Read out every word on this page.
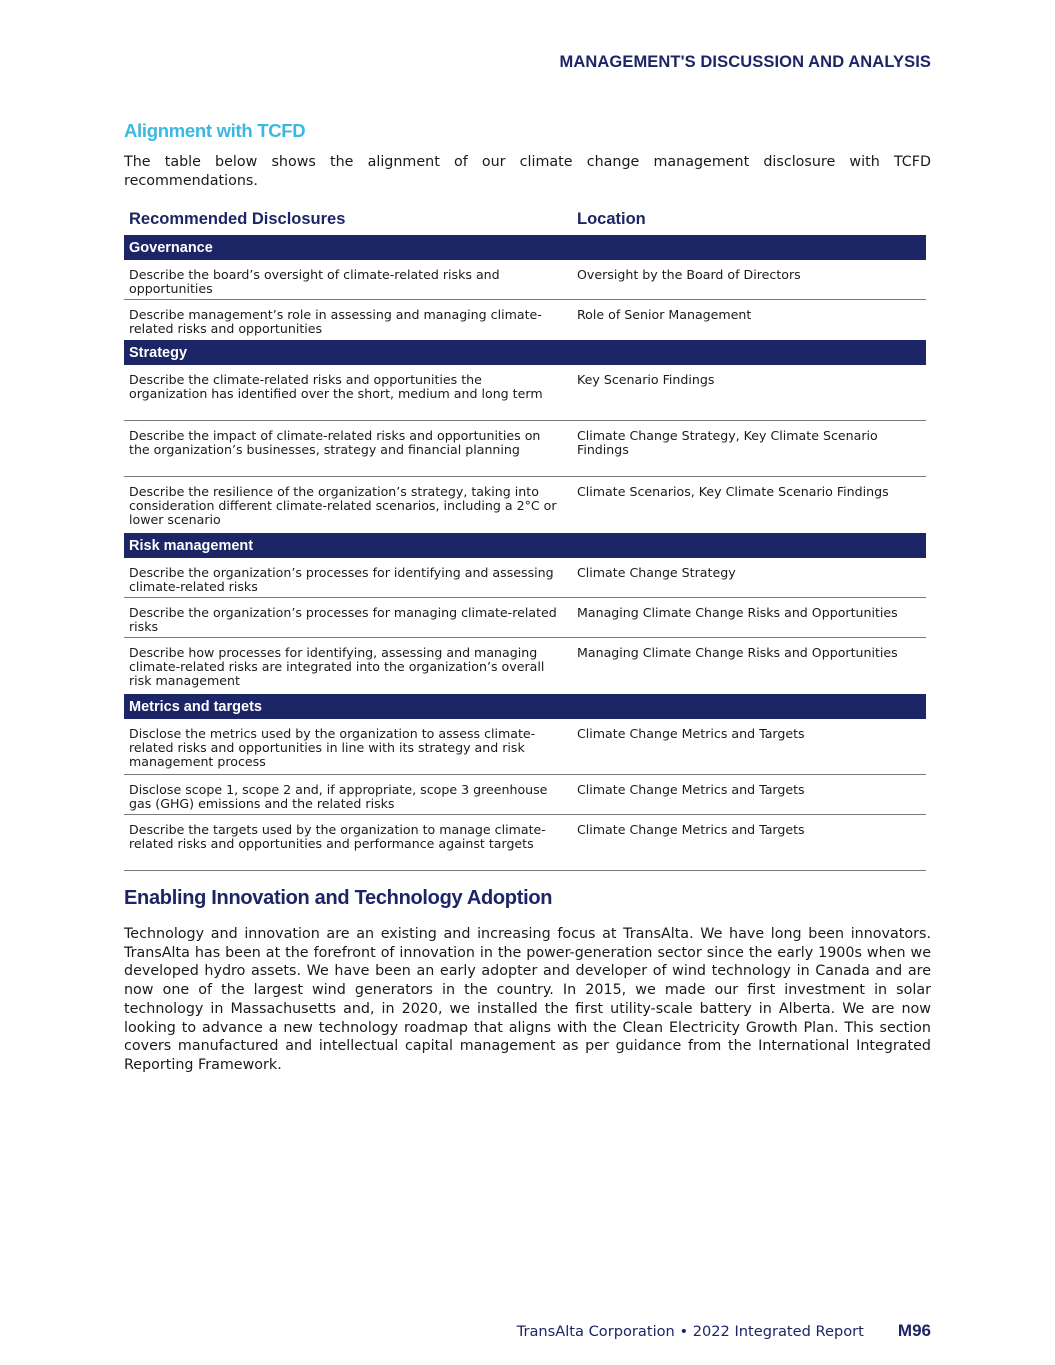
MANAGEMENT'S DISCUSSION AND ANALYSIS
Alignment with TCFD

The table below shows the alignment of our climate change management disclosure with TCFD recommendations.

Recommended Disclosures	Location
Governance
Describe the board’s oversight of climate-related risks and opportunities
Oversight by the Board of Directors
Describe management’s role in assessing and managing climate-related risks and opportunities
Role of Senior Management
Strategy
Describe the climate-related risks and opportunities the organization has identified over the short, medium and long term
Key Scenario Findings
Describe the impact of climate-related risks and opportunities on the organization’s businesses, strategy and financial planning
Climate Change Strategy, Key Climate Scenario Findings
Describe the resilience of the organization’s strategy, taking into consideration different climate-related scenarios, including a 2°C or lower scenario
Climate Scenarios, Key Climate Scenario Findings
Risk management
Describe the organization’s processes for identifying and assessing climate-related risks
Climate Change Strategy
Describe the organization’s processes for managing climate-related risks
Managing Climate Change Risks and Opportunities
Describe how processes for identifying, assessing and managing climate-related risks are integrated into the organization’s overall risk management
Managing Climate Change Risks and Opportunities
Metrics and targets
Disclose the metrics used by the organization to assess climate-related risks and opportunities in line with its strategy and risk management process
Climate Change Metrics and Targets
Disclose scope 1, scope 2 and, if appropriate, scope 3 greenhouse gas (GHG) emissions and the related risks
Climate Change Metrics and Targets
Describe the targets used by the organization to manage climate-related risks and opportunities and performance against targets
Climate Change Metrics and Targets
Enabling Innovation and Technology Adoption

Technology and innovation are an existing and increasing focus at TransAlta. We have long been innovators. TransAlta has been at the forefront of innovation in the power-generation sector since the early 1900s when we developed hydro assets. We have been an early adopter and developer of wind technology in Canada and are now one of the largest wind generators in the country. In 2015, we made our first investment in solar technology in Massachusetts and, in 2020, we installed the first utility-scale battery in Alberta. We are now looking to advance a new technology roadmap that aligns with the Clean Electricity Growth Plan. This section covers manufactured and intellectual capital management as per guidance from the International Integrated Reporting Framework.

TransAlta Corporation • 2022 Integrated Report M96
